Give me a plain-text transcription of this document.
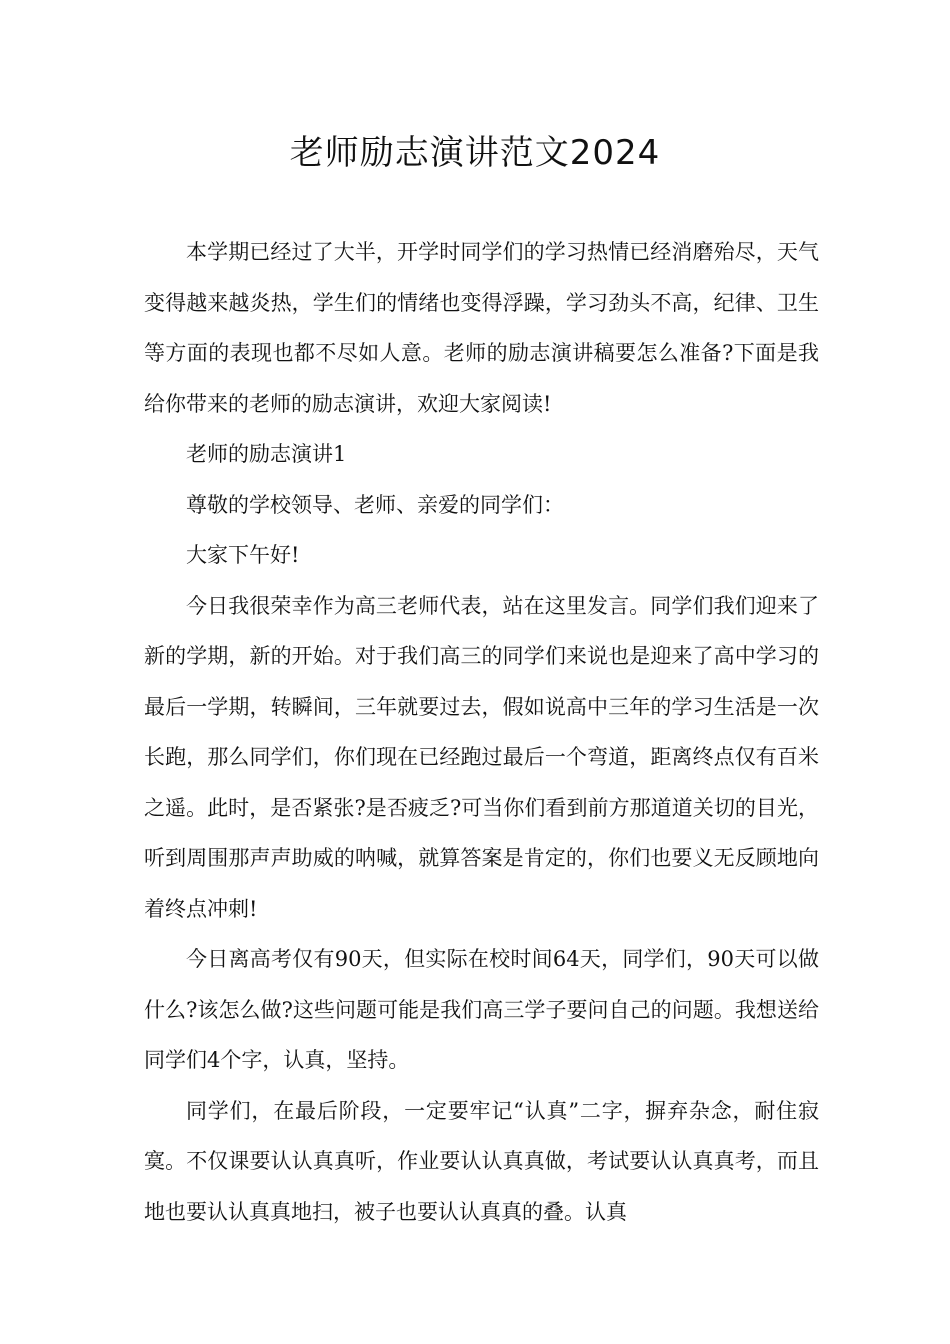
老师励志演讲范文2024

本学期已经过了大半，开学时同学们的学习热情已经消磨殆尽，天气变得越来越炎热，学生们的情绪也变得浮躁，学习劲头不高，纪律、卫生等方面的表现也都不尽如人意。老师的励志演讲稿要怎么准备?下面是我给你带来的老师的励志演讲，欢迎大家阅读!

老师的励志演讲1

尊敬的学校领导、老师、亲爱的同学们：

大家下午好!

今日我很荣幸作为高三老师代表，站在这里发言。同学们我们迎来了新的学期，新的开始。对于我们高三的同学们来说也是迎来了高中学习的最后一学期，转瞬间，三年就要过去，假如说高中三年的学习生活是一次长跑，那么同学们，你们现在已经跑过最后一个弯道，距离终点仅有百米之遥。此时，是否紧张?是否疲乏?可当你们看到前方那道道关切的目光，听到周围那声声助威的呐喊，就算答案是肯定的，你们也要义无反顾地向着终点冲刺!

今日离高考仅有90天，但实际在校时间64天，同学们，90天可以做什么?该怎么做?这些问题可能是我们高三学子要问自己的问题。我想送给同学们4个字，认真，坚持。

同学们，在最后阶段，一定要牢记“认真”二字，摒弃杂念，耐住寂寞。不仅课要认认真真听，作业要认认真真做，考试要认认真真考，而且地也要认认真真地扫，被子也要认认真真的叠。认真
